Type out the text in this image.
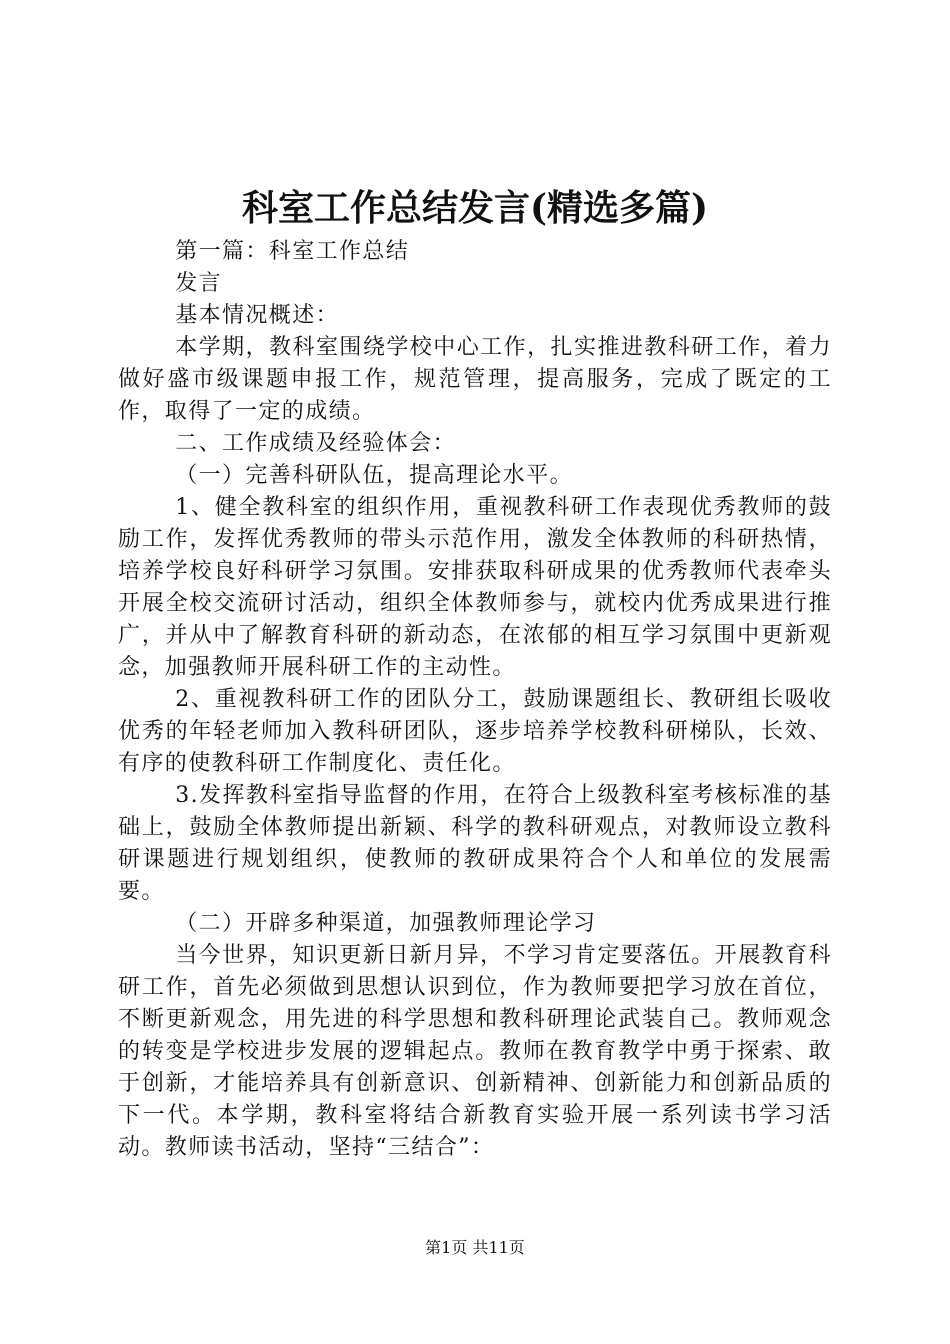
科室工作总结发言(精选多篇)

第一篇：科室工作总结

发言

基本情况概述：

本学期，教科室围绕学校中心工作，扎实推进教科研工作，着力做好盛市级课题申报工作，规范管理，提高服务，完成了既定的工作，取得了一定的成绩。

二、工作成绩及经验体会：

（一）完善科研队伍，提高理论水平。

1、健全教科室的组织作用，重视教科研工作表现优秀教师的鼓励工作，发挥优秀教师的带头示范作用，激发全体教师的科研热情，培养学校良好科研学习氛围。安排获取科研成果的优秀教师代表牵头开展全校交流研讨活动，组织全体教师参与，就校内优秀成果进行推广，并从中了解教育科研的新动态，在浓郁的相互学习氛围中更新观念，加强教师开展科研工作的主动性。

2、重视教科研工作的团队分工，鼓励课题组长、教研组长吸收优秀的年轻老师加入教科研团队，逐步培养学校教科研梯队，长效、有序的使教科研工作制度化、责任化。

3.发挥教科室指导监督的作用，在符合上级教科室考核标准的基础上，鼓励全体教师提出新颖、科学的教科研观点，对教师设立教科研课题进行规划组织，使教师的教研成果符合个人和单位的发展需要。

（二）开辟多种渠道，加强教师理论学习

当今世界，知识更新日新月异，不学习肯定要落伍。开展教育科研工作，首先必须做到思想认识到位，作为教师要把学习放在首位，不断更新观念，用先进的科学思想和教科研理论武装自己。教师观念的转变是学校进步发展的逻辑起点。教师在教育教学中勇于探索、敢于创新，才能培养具有创新意识、创新精神、创新能力和创新品质的下一代。本学期，教科室将结合新教育实验开展一系列读书学习活动。教师读书活动，坚持“三结合”：

第1页 共11页
